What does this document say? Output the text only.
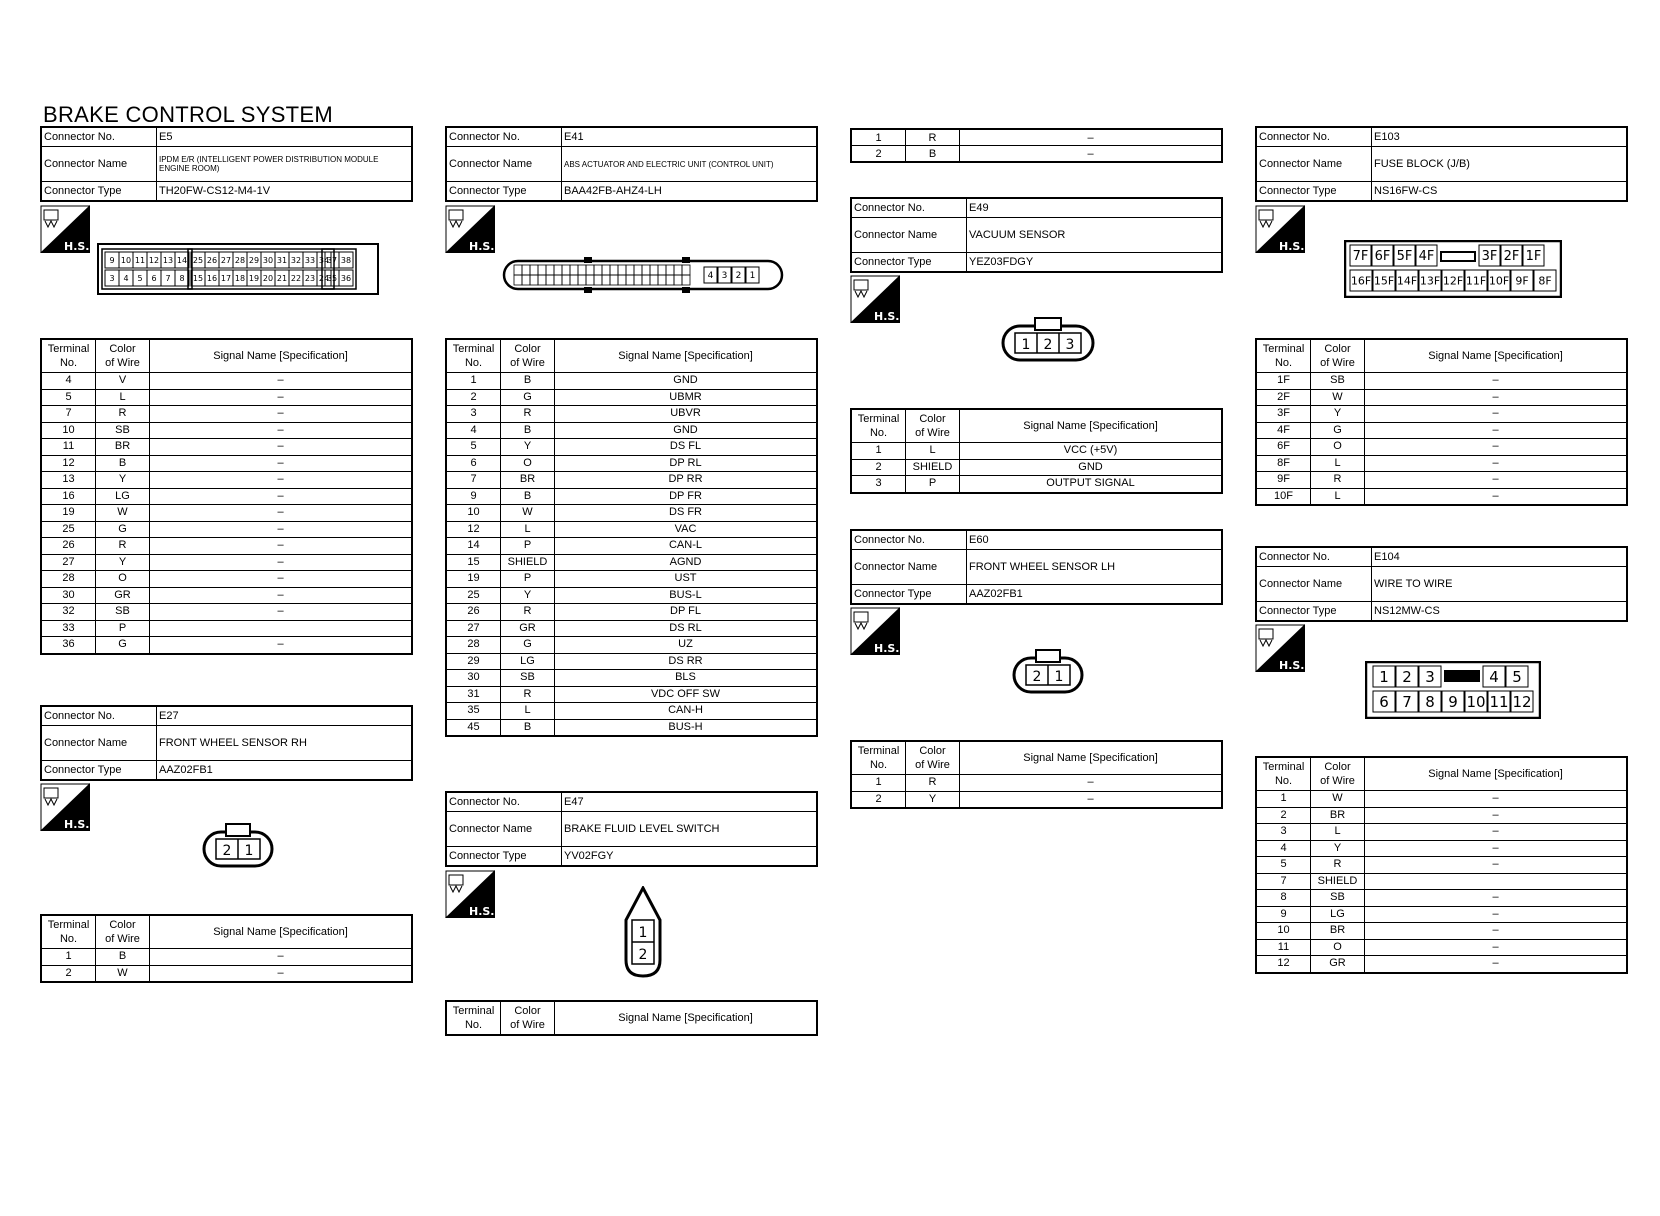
BRAKE CONTROL SYSTEM
Connector No.	E5
Connector Name	IPDM E/R (INTELLIGENT POWER DISTRIBUTION MODULE ENGINE ROOM)
Connector Type	TH20FW-CS12-M4-1V
H.S.
9
3
10
4
11
5
12
6
13
7
14
8
25
15
26
16
27
17
28
18
29
19
30
20
31
21
32
22
33
23
34
24
37
35
38
36
Terminal
No.	Color
of Wire	Signal Name [Specification]
4	V	–
5	L	–
7	R	–
10	SB	–
11	BR	–
12	B	–
13	Y	–
16	LG	–
19	W	–
25	G	–
26	R	–
27	Y	–
28	O	–
30	GR	–
32	SB	–
33	P	
36	G	–
Connector No.	E27
Connector Name	FRONT WHEEL SENSOR RH
Connector Type	AAZ02FB1
H.S.
2 1
Terminal
No.	Color
of Wire	Signal Name [Specification]
1	B	–
2	W	–
Connector No.	E41
Connector Name	ABS ACTUATOR AND ELECTRIC UNIT (CONTROL UNIT)
Connector Type	BAA42FB-AHZ4-LH
H.S.
4 3 2 1
Terminal
No.	Color
of Wire	Signal Name [Specification]
1	B	GND
2	G	UBMR
3	R	UBVR
4	B	GND
5	Y	DS FL
6	O	DP RL
7	BR	DP RR
9	B	DP FR
10	W	DS FR
12	L	VAC
14	P	CAN-L
15	SHIELD	AGND
19	P	UST
25	Y	BUS-L
26	R	DP FL
27	GR	DS RL
28	G	UZ
29	LG	DS RR
30	SB	BLS
31	R	VDC OFF SW
35	L	CAN-H
45	B	BUS-H
Connector No.	E47
Connector Name	BRAKE FLUID LEVEL SWITCH
Connector Type	YV02FGY
H.S.
1
2
Terminal
No.	Color
of Wire	Signal Name [Specification]
1	R	–
2	B	–
Connector No.	E49
Connector Name	VACUUM SENSOR
Connector Type	YEZ03FDGY
H.S.
1 2 3
Terminal
No.	Color
of Wire	Signal Name [Specification]
1	L	VCC (+5V)
2	SHIELD	GND
3	P	OUTPUT SIGNAL
Connector No.	E60
Connector Name	FRONT WHEEL SENSOR LH
Connector Type	AAZ02FB1
H.S.
2 1
Terminal
No.	Color
of Wire	Signal Name [Specification]
1	R	–
2	Y	–
Connector No.	E103
Connector Name	FUSE BLOCK (J/B)
Connector Type	NS16FW-CS
H.S.
7F 6F 5F 4F	3F 2F 1F
16F 15F 14F 13F 12F 11F 10F 9F 8F
Terminal
No.	Color
of Wire	Signal Name [Specification]
1F	SB	–
2F	W	–
3F	Y	–
4F	G	–
6F	O	–
8F	L	–
9F	R	–
10F	L	–
Connector No.	E104
Connector Name	WIRE TO WIRE
Connector Type	NS12MW-CS
H.S.
1 2 3	4 5
6 7 8 9 10 11 12
Terminal
No.	Color
of Wire	Signal Name [Specification]
1	W	–
2	BR	–
3	L	–
4	Y	–
5	R	–
7	SHIELD	
8	SB	–
9	LG	–
10	BR	–
11	O	–
12	GR	–
